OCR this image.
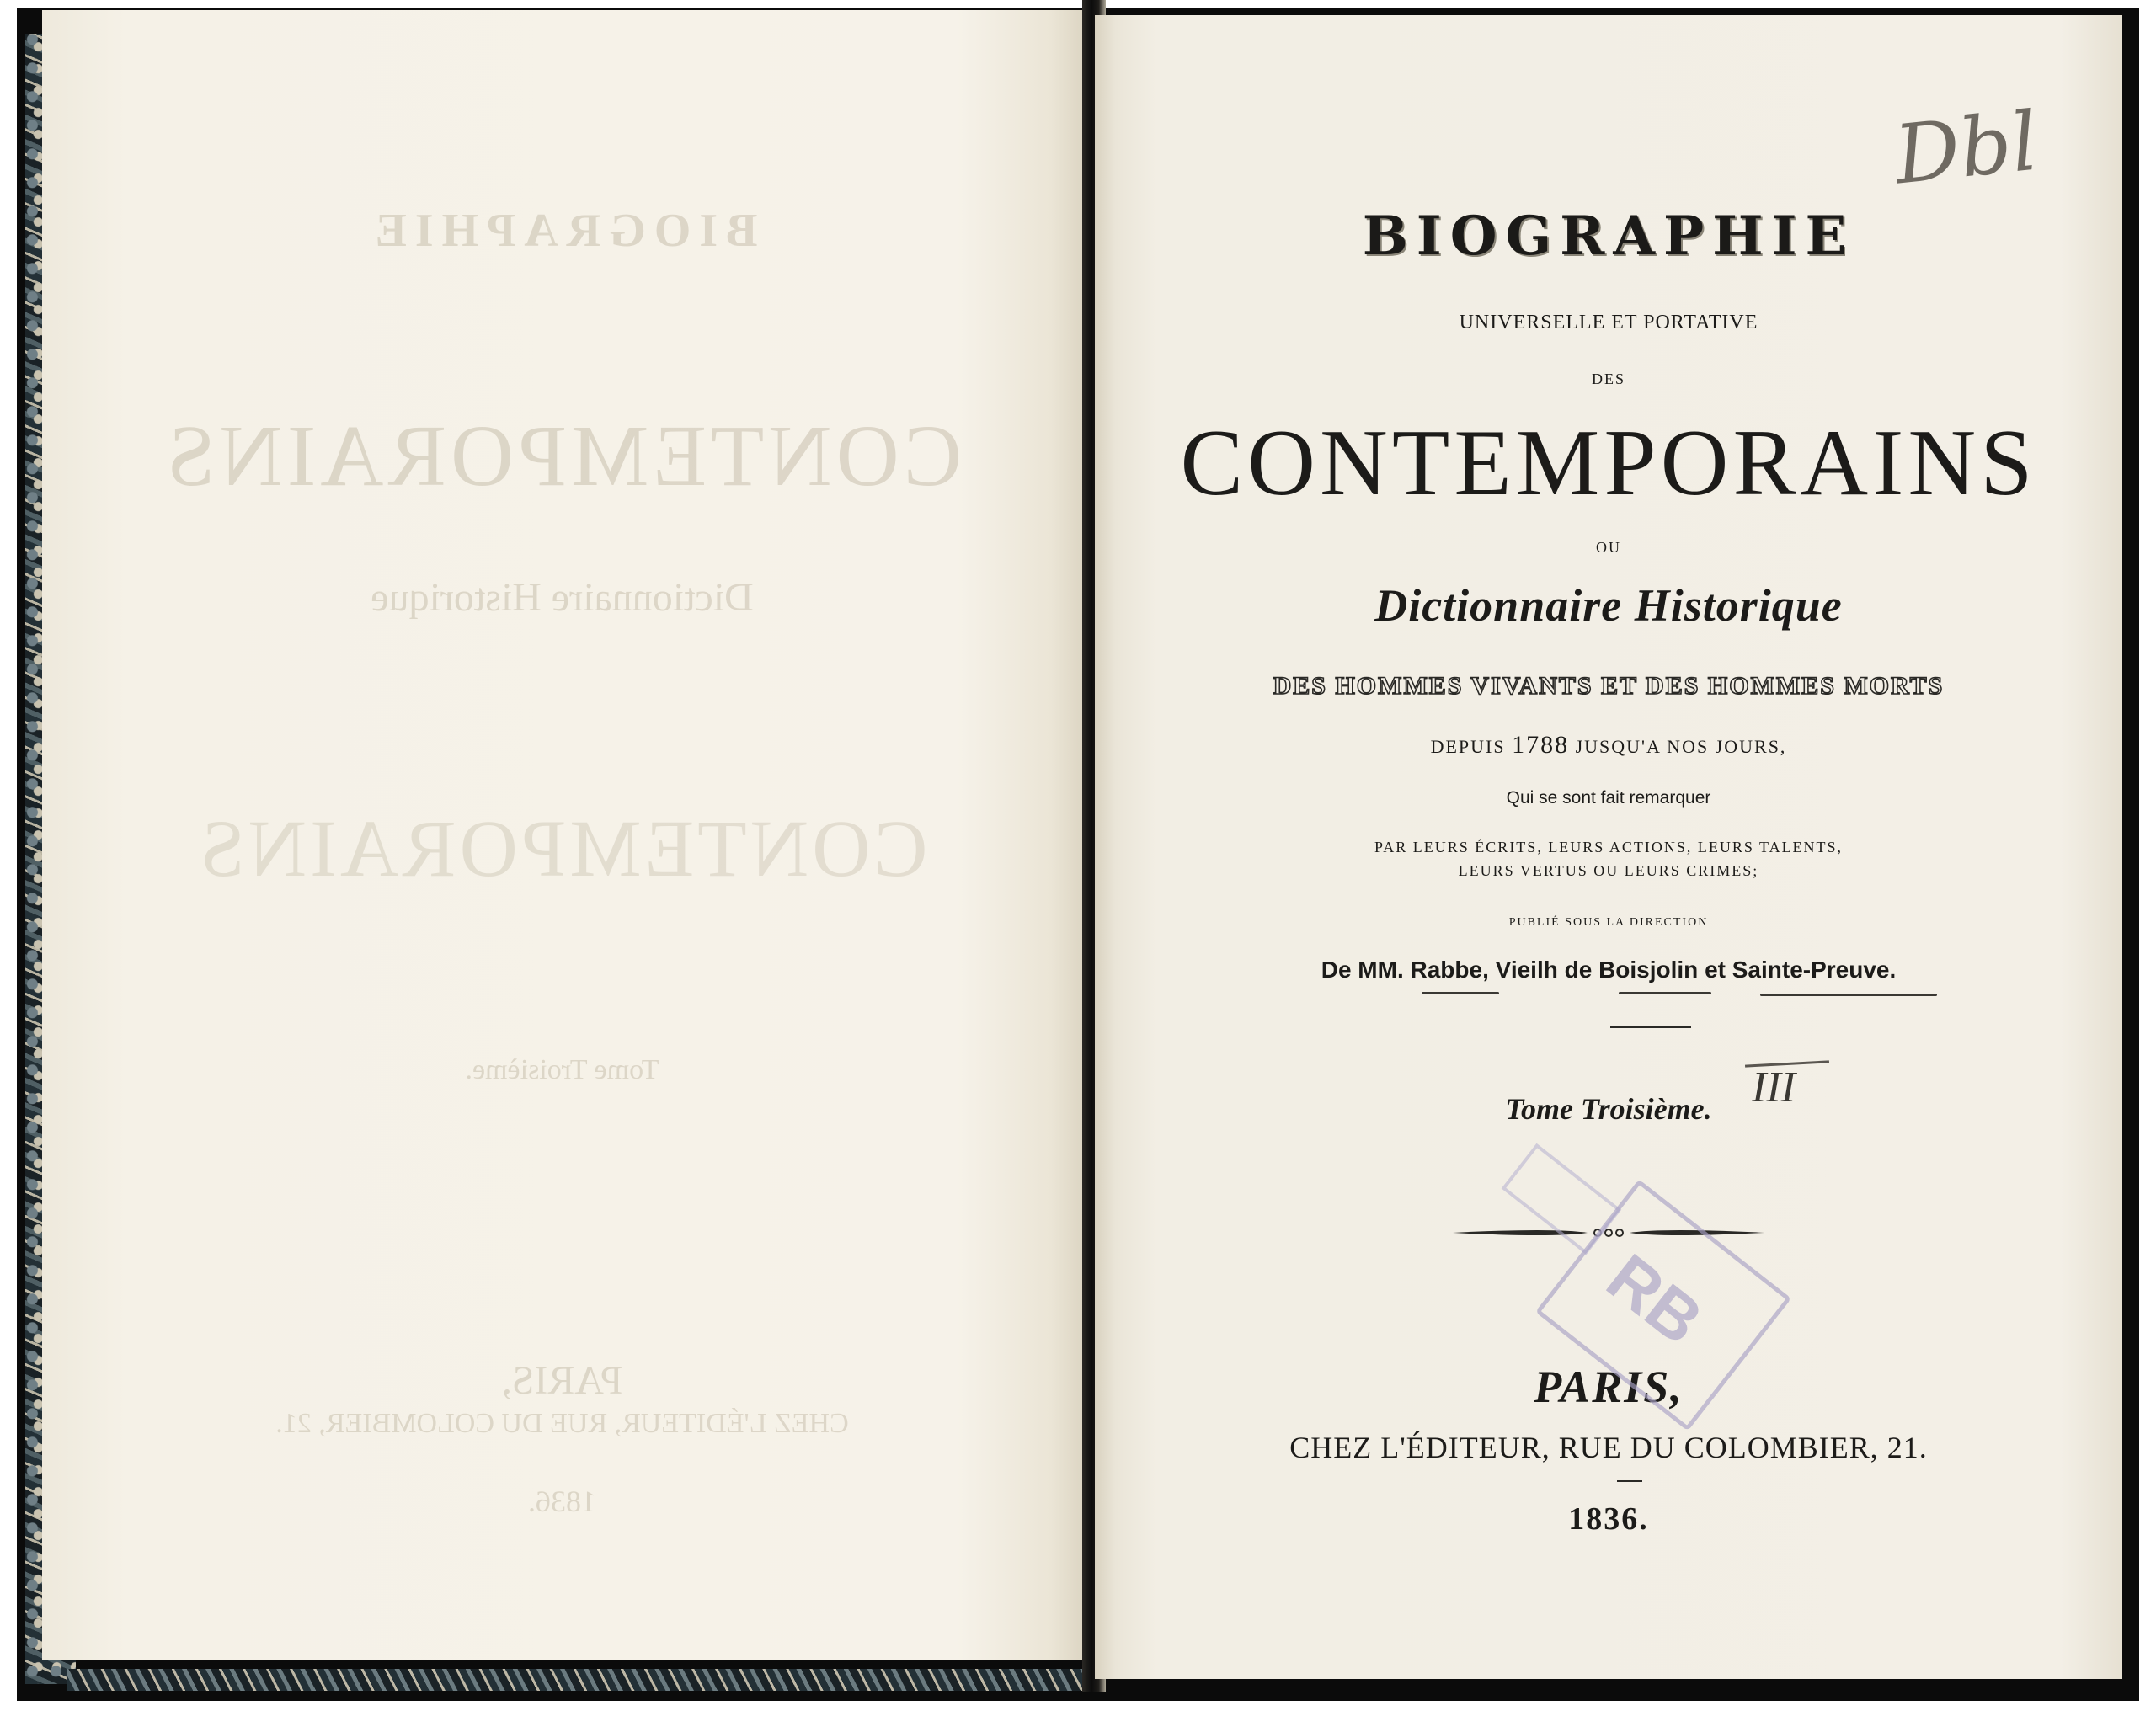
BIOGRAPHIE
CONTEMPORAINS
Dictionnaire Historique
CONTEMPORAINS
Tome Troisième.
PARIS,
CHEZ L'ÉDITEUR, RUE DU COLOMBIER, 21.
1836.
BIOGRAPHIE
UNIVERSELLE ET PORTATIVE
DES
CONTEMPORAINS
OU
Dictionnaire Historique
DES HOMMES VIVANTS ET DES HOMMES MORTS
DEPUIS 1788 JUSQU'A NOS JOURS,
Qui se sont fait remarquer
PAR LEURS ÉCRITS, LEURS ACTIONS, LEURS TALENTS,
LEURS VERTUS OU LEURS CRIMES;
PUBLIÉ SOUS LA DIRECTION
De MM. Rabbe, Vieilh de Boisjolin et Sainte-Preuve.
Tome Troisième.
PARIS,
CHEZ L'ÉDITEUR, RUE DU COLOMBIER, 21.
1836.
Dbl
III
RB
